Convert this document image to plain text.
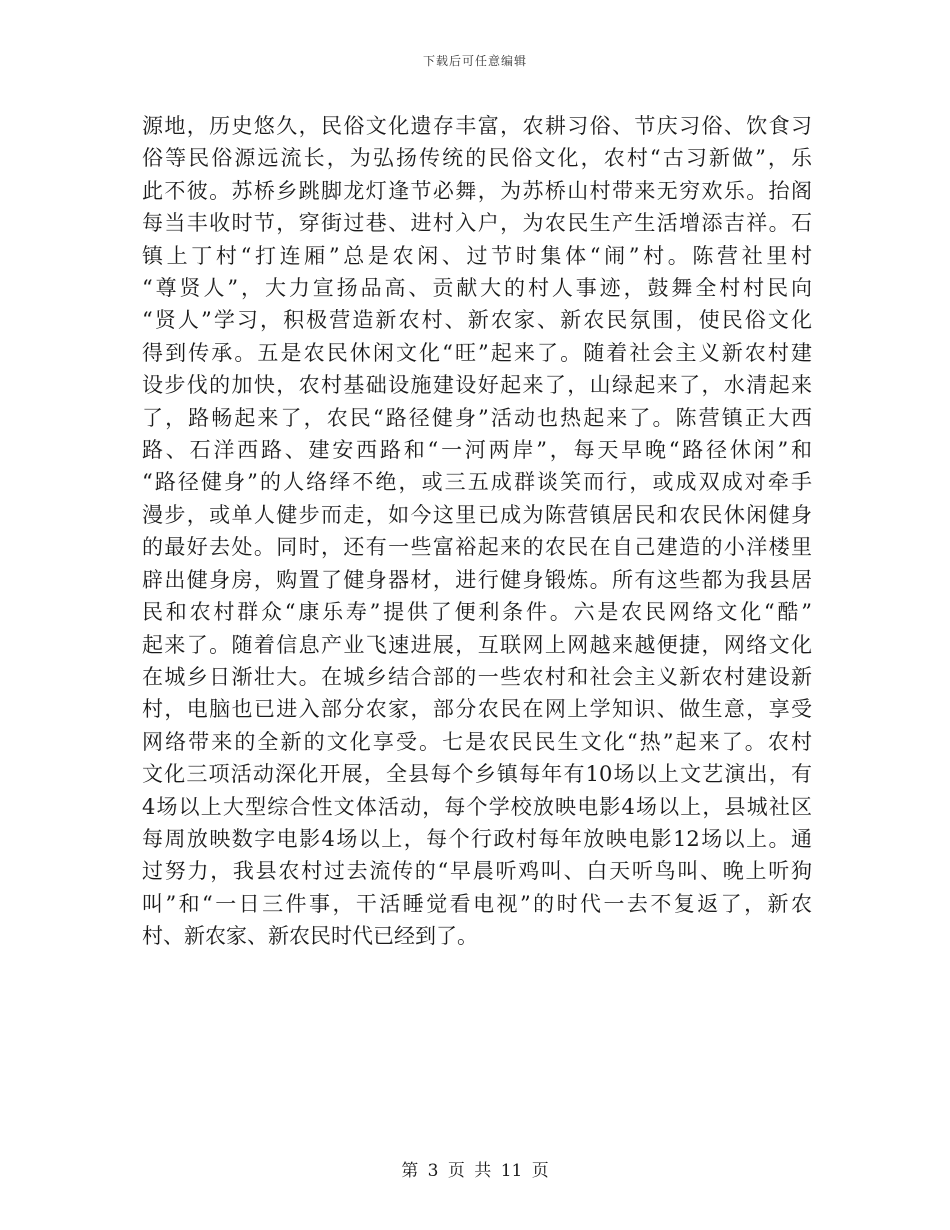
下载后可任意编辑
源地，历史悠久，民俗文化遗存丰富，农耕习俗、节庆习俗、饮食习
俗等民俗源远流长，为弘扬传统的民俗文化，农村“古习新做”，乐
此不彼。苏桥乡跳脚龙灯逢节必舞，为苏桥山村带来无穷欢乐。抬阁
每当丰收时节，穿街过巷、进村入户，为农民生产生活增添吉祥。石
镇上丁村“打连厢”总是农闲、过节时集体“闹”村。陈营社里村
“尊贤人”，大力宣扬品高、贡献大的村人事迹，鼓舞全村村民向
“贤人”学习，积极营造新农村、新农家、新农民氛围，使民俗文化
得到传承。五是农民休闲文化“旺”起来了。随着社会主义新农村建
设步伐的加快，农村基础设施建设好起来了，山绿起来了，水清起来
了，路畅起来了，农民“路径健身”活动也热起来了。陈营镇正大西
路、石洋西路、建安西路和“一河两岸”，每天早晚“路径休闲”和
“路径健身”的人络绎不绝，或三五成群谈笑而行，或成双成对牵手
漫步，或单人健步而走，如今这里已成为陈营镇居民和农民休闲健身
的最好去处。同时，还有一些富裕起来的农民在自己建造的小洋楼里
辟出健身房，购置了健身器材，进行健身锻炼。所有这些都为我县居
民和农村群众“康乐寿”提供了便利条件。六是农民网络文化“酷”
起来了。随着信息产业飞速进展，互联网上网越来越便捷，网络文化
在城乡日渐壮大。在城乡结合部的一些农村和社会主义新农村建设新
村，电脑也已进入部分农家，部分农民在网上学知识、做生意，享受
网络带来的全新的文化享受。七是农民民生文化“热”起来了。农村
文化三项活动深化开展，全县每个乡镇每年有10场以上文艺演出，有
4场以上大型综合性文体活动，每个学校放映电影4场以上，县城社区
每周放映数字电影4场以上，每个行政村每年放映电影12场以上。通
过努力，我县农村过去流传的“早晨听鸡叫、白天听鸟叫、晚上听狗
叫”和“一日三件事，干活睡觉看电视”的时代一去不复返了，新农
村、新农家、新农民时代已经到了。
第 3 页 共 11 页
